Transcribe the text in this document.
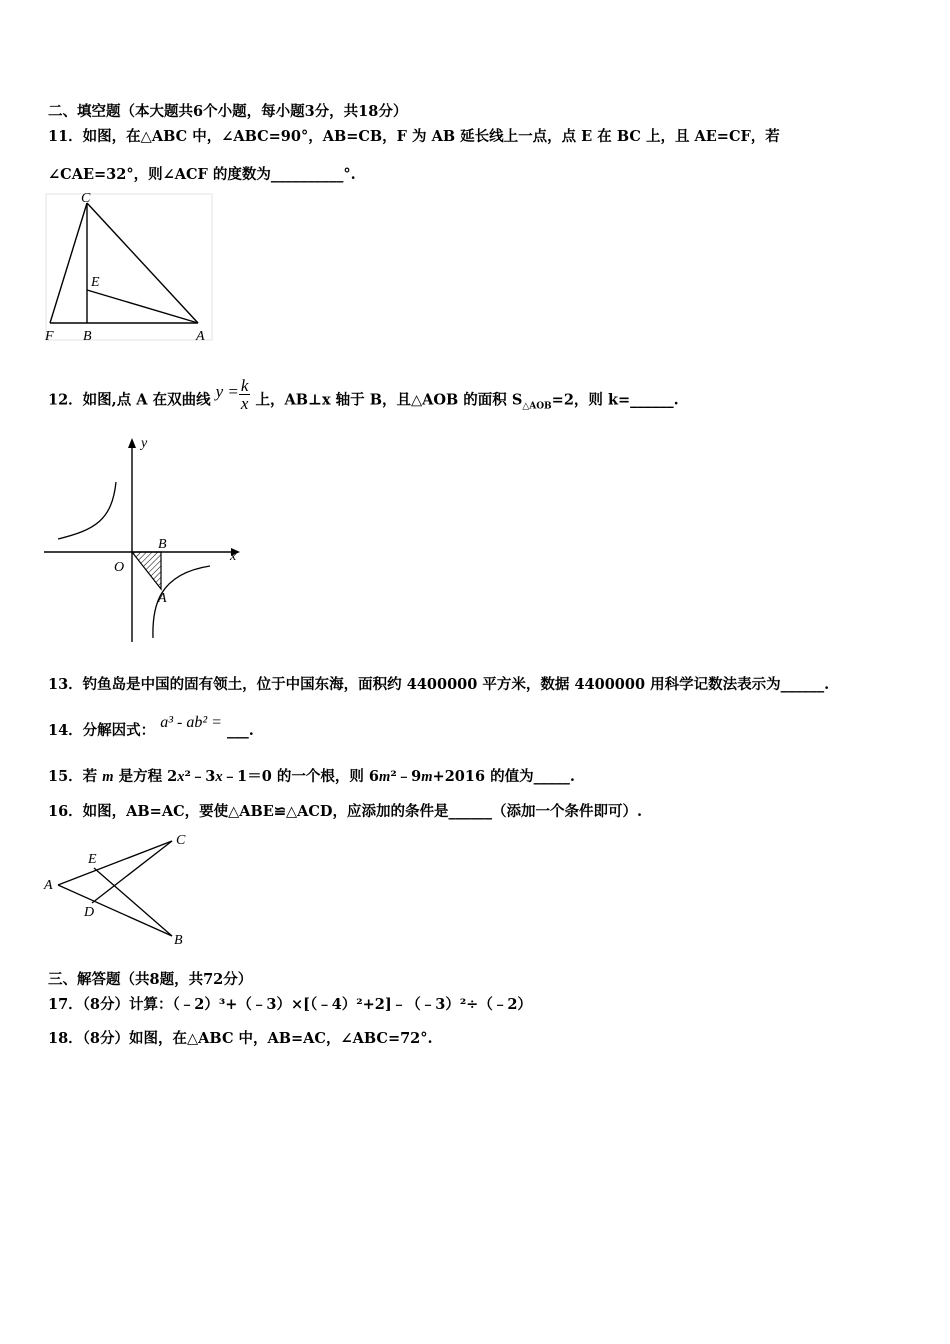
二、填空题（本大题共6个小题，每小题3分，共18分）
11．如图，在△ABC 中，∠ABC=90°，AB=CB，F 为 AB 延长线上一点，点 E 在 BC 上，且 AE=CF，若
∠CAE=32°，则∠ACF 的度数为__________°.
C
E
F B	A
12．如图,点 A 在双曲线 $y = \frac{k}{x}$ 上，AB⊥x 轴于 B，且△AOB 的面积 $S_{\triangle AOB}=2$，则 k=______.
y
x
O
B
A
13．钓鱼岛是中国的固有领土，位于中国东海，面积约 4400000 平方米，数据 4400000 用科学记数法表示为______.
14．分解因式： a³ - ab² = ___.
15．若 m 是方程 2x²﹣3x﹣1＝0 的一个根，则 6m²﹣9m+2016 的值为_____.
16．如图，AB=AC，要使△ABE≌△ACD，应添加的条件是______（添加一个条件即可）.
A
E
C
D
B
三、解答题（共8题，共72分）
17．（8分）计算：（﹣2）³+（﹣3）×[（﹣4）²+2]﹣（﹣3）²÷（﹣2）
18．（8分）如图，在△ABC 中，AB=AC，∠ABC=72°.
